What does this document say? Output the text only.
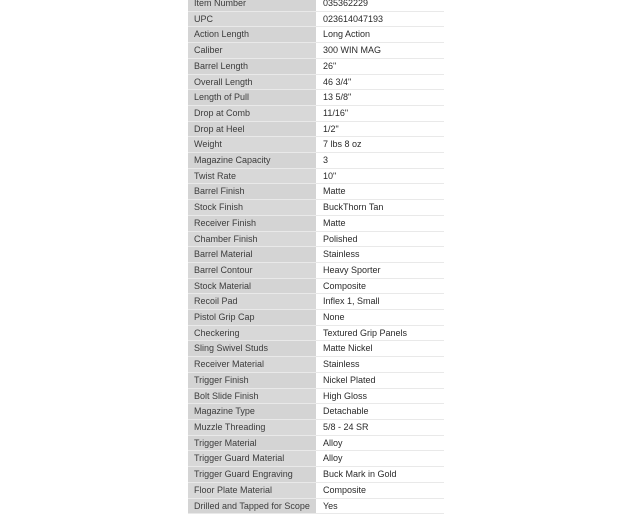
Item Number	035362229
UPC	023614047193
Action Length	Long Action
Caliber	300 WIN MAG
Barrel Length	26"
Overall Length	46 3/4"
Length of Pull	13 5/8"
Drop at Comb	11/16"
Drop at Heel	1/2"
Weight	7 lbs 8 oz
Magazine Capacity	3
Twist Rate	10"
Barrel Finish	Matte
Stock Finish	BuckThorn Tan
Receiver Finish	Matte
Chamber Finish	Polished
Barrel Material	Stainless
Barrel Contour	Heavy Sporter
Stock Material	Composite
Recoil Pad	Inflex 1, Small
Pistol Grip Cap	None
Checkering	Textured Grip Panels
Sling Swivel Studs	Matte Nickel
Receiver Material	Stainless
Trigger Finish	Nickel Plated
Bolt Slide Finish	High Gloss
Magazine Type	Detachable
Muzzle Threading	5/8 - 24 SR
Trigger Material	Alloy
Trigger Guard Material	Alloy
Trigger Guard Engraving	Buck Mark in Gold
Floor Plate Material	Composite
Drilled and Tapped for Scope	Yes
